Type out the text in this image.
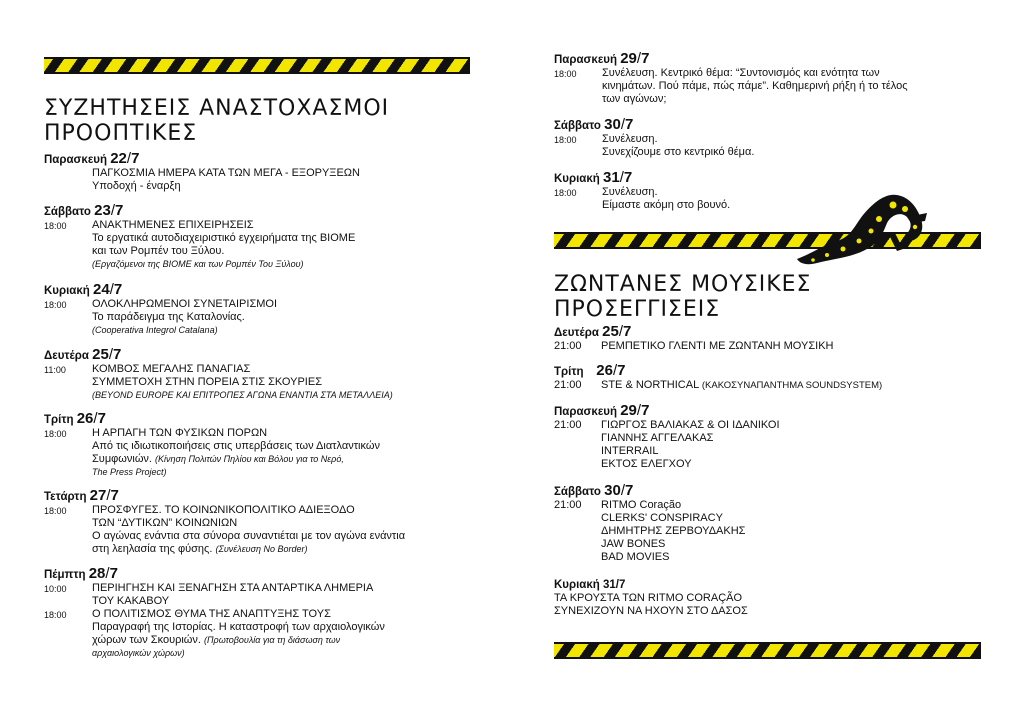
ΣΥΖΗΤΗΣΕΙΣ ΑΝΑΣΤΟΧΑΣΜΟΙ
ΠΡΟΟΠΤΙΚΕΣ

Παρασκευή 22/7

ΠΑΓΚΟΣΜΙΑ ΗΜΕΡΑ ΚΑΤΑ ΤΩΝ ΜΕΓΑ - ΕΞΟΡΥΞΕΩΝ
Υποδοχή - έναρξη

Σάββατο 23/7

18:00	ΑΝΑΚΤΗΜΕΝΕΣ ΕΠΙΧΕΙΡΗΣΕΙΣ
Το εργατικά αυτοδιαχειριστικό εγχειρήματα της ΒΙΟΜΕ
και των Ρομπέν του Ξύλου.
(Εργαζόμενοι της ΒΙΟΜΕ και των Ρομπέν Του Ξύλου)

Κυριακή 24/7

18:00	ΟΛΟΚΛΗΡΩΜΕΝΟΙ ΣΥΝΕΤΑΙΡΙΣΜΟΙ
Το παράδειγμα της Καταλονίας.
(Cooperativa Integrol Catalana)

Δευτέρα 25/7

11:00	ΚΟΜΒΟΣ ΜΕΓΑΛΗΣ ΠΑΝΑΓΙΑΣ
ΣΥΜΜΕΤΟΧΗ ΣΤΗΝ ΠΟΡΕΙΑ ΣΤΙΣ ΣΚΟΥΡΙΕΣ
(BEYOND EUROPE ΚΑΙ ΕΠΙΤΡΟΠΕΣ ΑΓΩΝΑ ΕΝΑΝΤΙΑ ΣΤΑ ΜΕΤΑΛΛΕΙΑ)

Τρίτη 26/7

18:00	Η ΑΡΠΑΓΗ ΤΩΝ ΦΥΣΙΚΩΝ ΠΟΡΩΝ
Από τις ιδιωτικοποιήσεις στις υπερβάσεις των Διατλαντικών
Συμφωνιών. (Κίνηση Πολιτών Πηλίου και Βόλου για το Νερό,
The Press Project)

Τετάρτη 27/7

18:00	ΠΡΟΣΦΥΓΕΣ. ΤΟ ΚΟΙΝΩΝΙΚΟΠΟΛΙΤΙΚΟ ΑΔΙΕΞΟΔΟ
ΤΩΝ “ΔΥΤΙΚΩΝ” ΚΟΙΝΩΝΙΩΝ
Ο αγώνας ενάντια στα σύνορα συναντιέται με τον αγώνα ενάντια
στη λεηλασία της φύσης. (Συνέλευση No Border)

Πέμπτη 28/7

10:00	ΠΕΡΙΗΓΗΣΗ ΚΑΙ ΞΕΝΑΓΗΣΗ ΣΤΑ ΑΝΤΑΡΤΙΚΑ ΛΗΜΕΡΙΑ
ΤΟΥ ΚΑΚΑΒΟΥ
18:00	Ο ΠΟΛΙΤΙΣΜΟΣ ΘΥΜΑ ΤΗΣ ΑΝΑΠΤΥΞΗΣ ΤΟΥΣ
Παραγραφή της Ιστορίας. Η καταστροφή των αρχαιολογικών
χώρων των Σκουριών. (Πρωτοβουλία για τη διάσωση των
αρχαιολογικών χώρων)

Παρασκευή 29/7

18:00	Συνέλευση. Κεντρικό θέμα: “Συντονισμός και ενότητα των
κινημάτων. Πού πάμε, πώς πάμε”. Καθημερινή ρήξη ή το τέλος
των αγώνων;

Σάββατο 30/7

18:00	Συνέλευση.
Συνεχίζουμε στο κεντρικό θέμα.

Κυριακή 31/7

18:00	Συνέλευση.
Είμαστε ακόμη στο βουνό.
ΖΩΝΤΑΝΕΣ ΜΟΥΣΙΚΕΣ
ΠΡΟΣΕΓΓΙΣΕΙΣ

Δευτέρα 25/7

21:00	ΡΕΜΠΕΤΙΚΟ ΓΛΕΝΤΙ ΜΕ ΖΩΝΤΑΝΗ ΜΟΥΣΙΚΗ

Τρίτη 26/7

21:00	STE & NORTHICAL (ΚΑΚΟΣΥΝΑΠΑΝΤΗΜΑ SOUNDSYSTEM)

Παρασκευή 29/7

21:00	ΓΙΩΡΓΟΣ ΒΑΛΙΑΚΑΣ & ΟΙ ΙΔΑΝΙΚΟΙ
ΓΙΑΝΝΗΣ ΑΓΓΕΛΑΚΑΣ
INTERRAIL
ΕΚΤΟΣ ΕΛΕΓΧΟΥ

Σάββατο 30/7

21:00	RITMO Coração
CLERKS' CONSPIRACY
ΔΗΜΗΤΡΗΣ ΖΕΡΒΟΥΔΑΚΗΣ
JAW BONES
BAD MOVIES

Κυριακή 31/7

ΤΑ ΚΡΟΥΣΤΑ ΤΩΝ RITMO CORAÇÃO
ΣΥΝΕΧΙΖΟΥΝ ΝΑ ΗΧΟΥΝ ΣΤΟ ΔΑΣΟΣ
